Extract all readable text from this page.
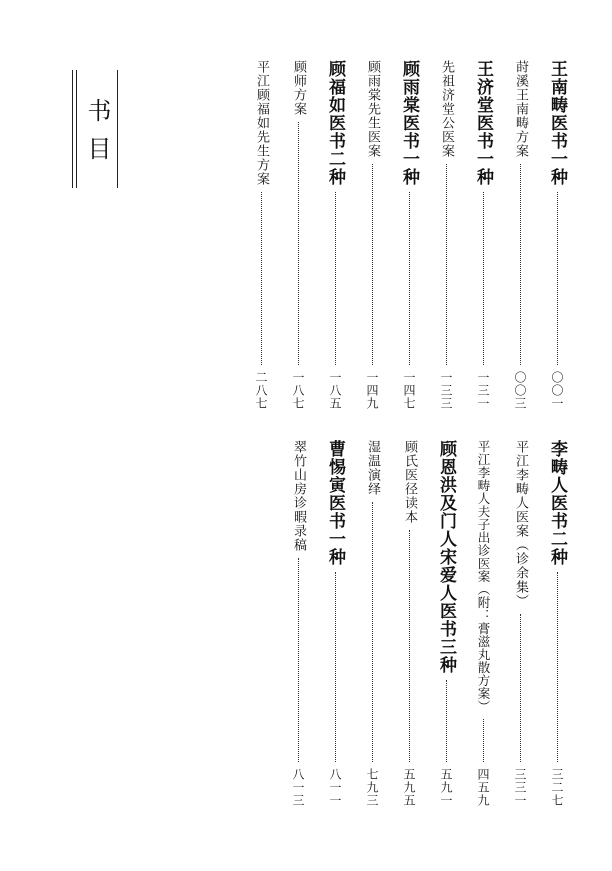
书目	王南畴医书一种
〇〇一
莳溪王南畴方案
〇〇三
王济堂医书一种
一三一
先祖济堂公医案
一三三
顾雨棠医书一种
一四七
顾雨棠先生医案
一四九
顾福如医书二种
一八五
顾师方案
一八七
平江顾福如先生方案
二八七
李畴人医书二种
三二七
平江李畴人医案（诊余集）
三三一
平江李畴人夫子出诊医案（附：膏滋丸散方案）
四五九
顾恩洪及门人宋爱人医书三种
五九一
顾氏医径读本
五九五
湿温演绎
七九三
曹惕寅医书一种
八一一
翠竹山房诊暇录稿
八一三
